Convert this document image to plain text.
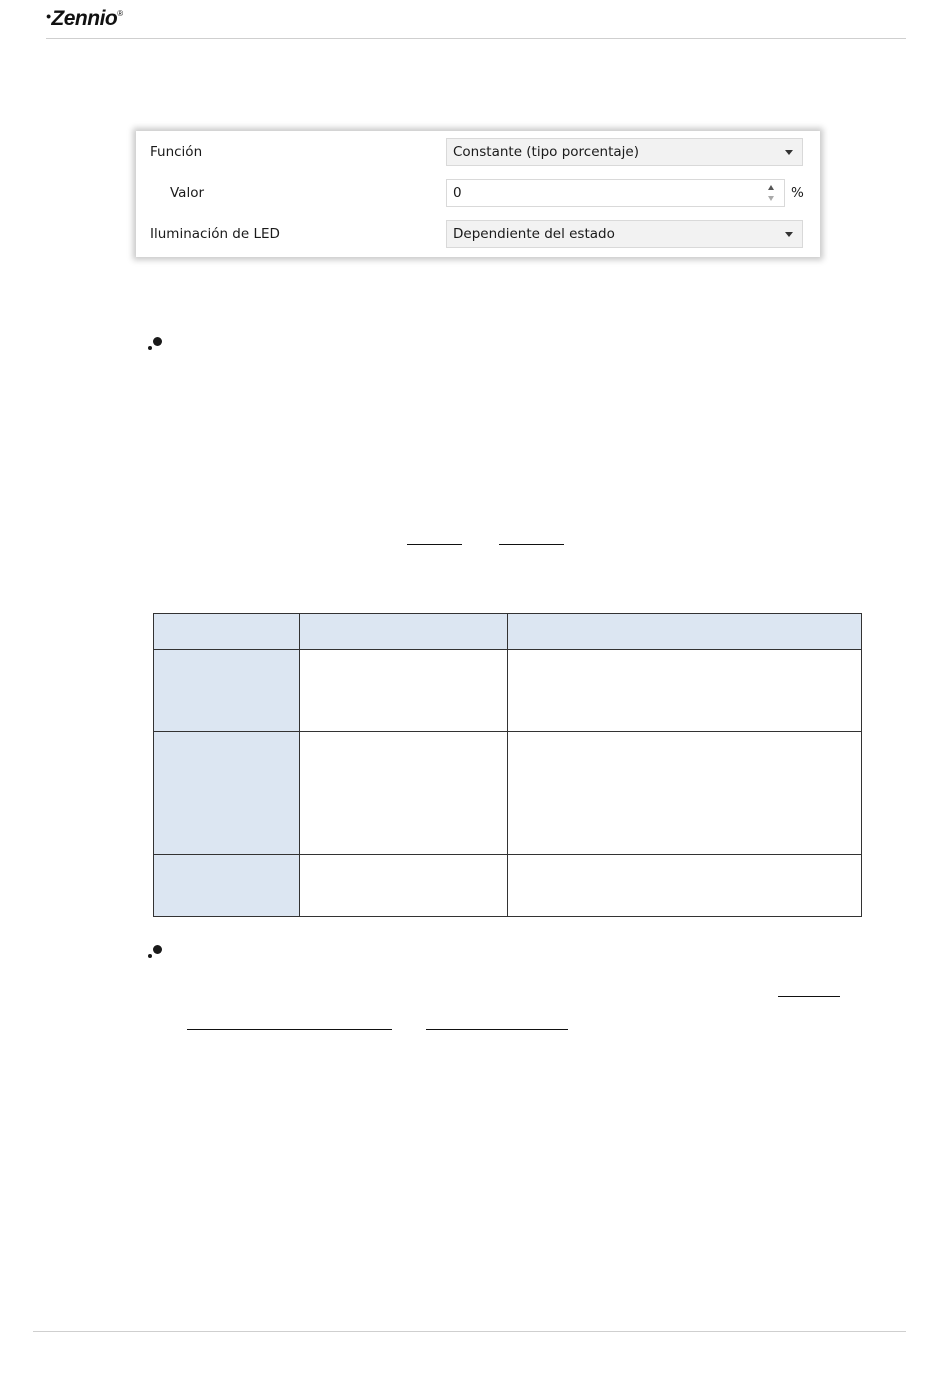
•Zennio®
Función	Constante (tipo porcentaje)
Valor	0	%
Iluminación de LED	Dependiente del estado
